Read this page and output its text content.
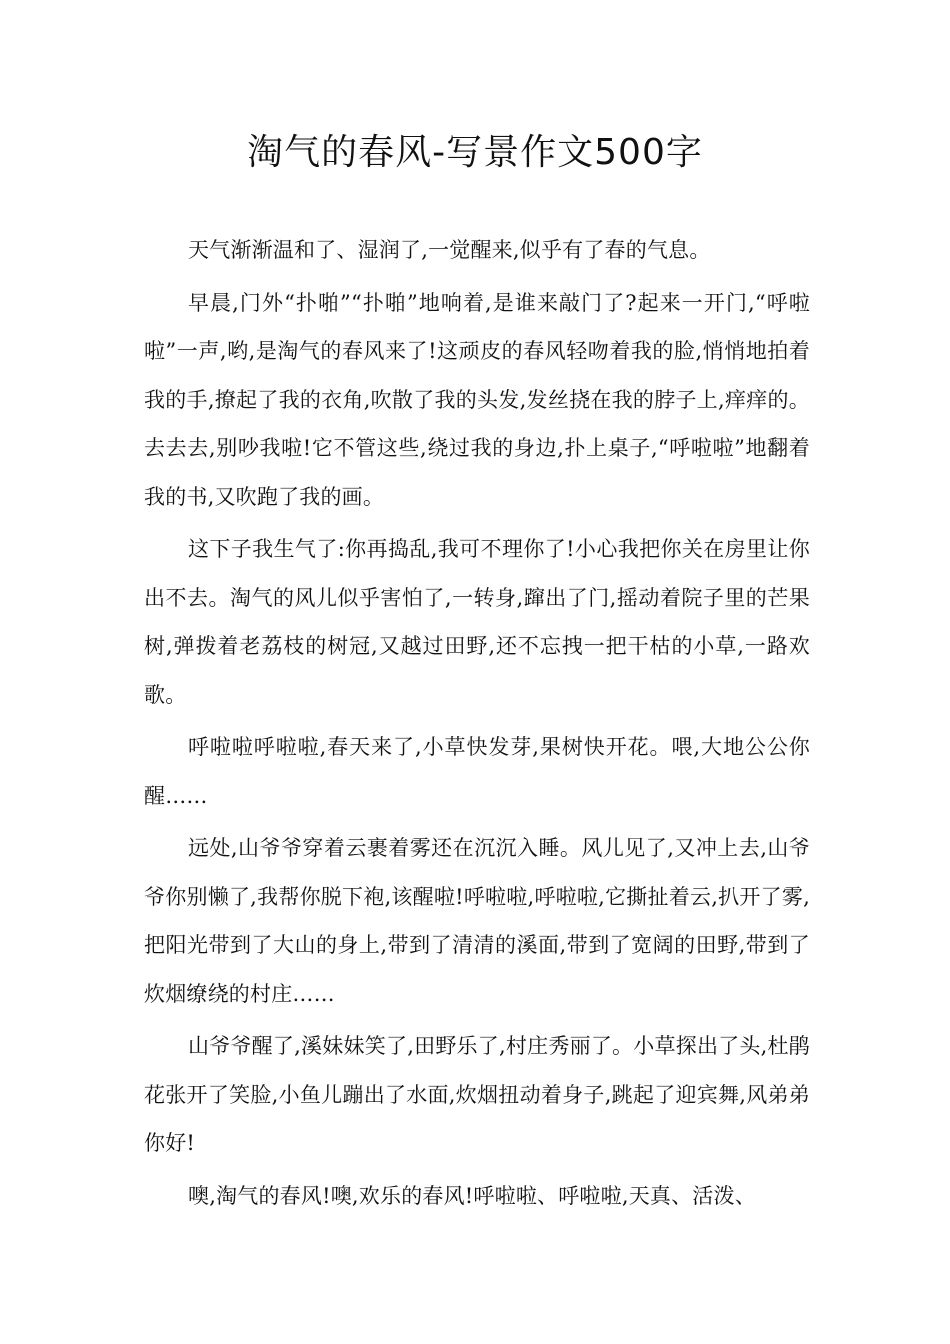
淘气的春风-写景作文500字

天气渐渐温和了、湿润了,一觉醒来,似乎有了春的气息。

早晨,门外“扑啪”“扑啪”地响着,是谁来敲门了?起来一开门,“呼啦啦”一声,哟,是淘气的春风来了!这顽皮的春风轻吻着我的脸,悄悄地拍着我的手,撩起了我的衣角,吹散了我的头发,发丝挠在我的脖子上,痒痒的。去去去,别吵我啦!它不管这些,绕过我的身边,扑上桌子,“呼啦啦”地翻着我的书,又吹跑了我的画。

这下子我生气了:你再捣乱,我可不理你了!小心我把你关在房里让你出不去。淘气的风儿似乎害怕了,一转身,蹿出了门,摇动着院子里的芒果树,弹拨着老荔枝的树冠,又越过田野,还不忘拽一把干枯的小草,一路欢歌。

呼啦啦呼啦啦,春天来了,小草快发芽,果树快开花。喂,大地公公你醒……

远处,山爷爷穿着云裹着雾还在沉沉入睡。风儿见了,又冲上去,山爷爷你别懒了,我帮你脱下袍,该醒啦!呼啦啦,呼啦啦,它撕扯着云,扒开了雾,把阳光带到了大山的身上,带到了清清的溪面,带到了宽阔的田野,带到了炊烟缭绕的村庄……

山爷爷醒了,溪妹妹笑了,田野乐了,村庄秀丽了。小草探出了头,杜鹃花张开了笑脸,小鱼儿蹦出了水面,炊烟扭动着身子,跳起了迎宾舞,风弟弟你好!

噢,淘气的春风!噢,欢乐的春风!呼啦啦、呼啦啦,天真、活泼、
